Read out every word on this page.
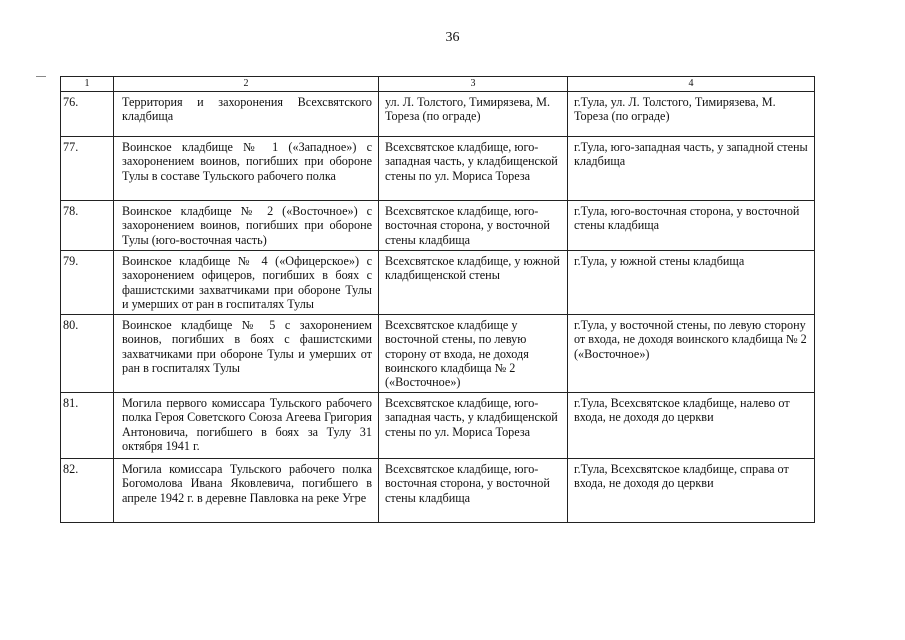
36
1	2	3	4
76.	Территория и захоронения Всехсвятского кладбища	ул. Л. Толстого, Тимирязева, М. Тореза (по ограде)	г.Тула, ул. Л. Толстого, Тимирязева, М. Тореза (по ограде)
77.	Воинское кладбище № 1 («Западное») с захоронением воинов, погибших при обороне Тулы в составе Тульского рабочего полка	Всехсвятское кладбище, юго-западная часть, у кладбищенской стены по ул. Мориса Тореза	г.Тула, юго-западная часть, у западной стены кладбища
78.	Воинское кладбище № 2 («Восточное») с захоронением воинов, погибших при обороне Тулы (юго-восточная часть)	Всехсвятское кладбище, юго-восточная сторона, у восточной стены кладбища	г.Тула, юго-восточная сторона, у восточной стены кладбища
79.	Воинское кладбище № 4 («Офицерское») с захоронением офицеров, погибших в боях с фашистскими захватчиками при обороне Тулы и умерших от ран в госпиталях Тулы	Всехсвятское кладбище, у южной кладбищенской стены	г.Тула, у южной стены кладбища
80.	Воинское кладбище № 5 с захоронением воинов, погибших в боях с фашистскими захватчиками при обороне Тулы и умерших от ран в госпиталях Тулы	Всехсвятское кладбище у восточной стены, по левую сторону от входа, не доходя воинского кладбища № 2 («Восточное»)	г.Тула, у восточной стены, по левую сторону от входа, не доходя воинского кладбища № 2 («Восточное»)
81.	Могила первого комиссара Тульского рабочего полка Героя Советского Союза Агеева Григория Антоновича, погибшего в боях за Тулу 31 октября 1941 г.	Всехсвятское кладбище, юго-западная часть, у кладбищенской стены по ул. Мориса Тореза	г.Тула, Всехсвятское кладбище, налево от входа, не доходя до церкви
82.	Могила комиссара Тульского рабочего полка Богомолова Ивана Яковлевича, погибшего в апреле 1942 г. в деревне Павловка на реке Угре	Всехсвятское кладбище, юго-восточная сторона, у восточной стены кладбища	г.Тула, Всехсвятское кладбище, справа от входа, не доходя до церкви
